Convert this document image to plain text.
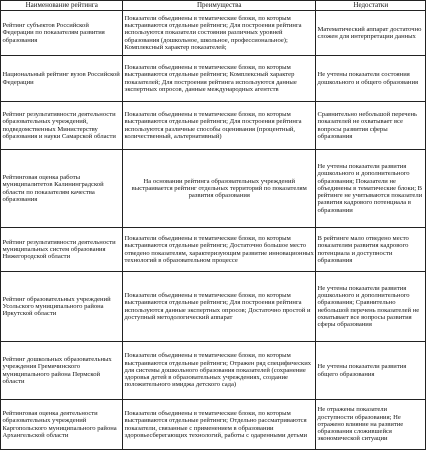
Наименование рейтинга	Преимущества	Недостатки
Рейтинг субъектов Российской Федерации по показателям развития образования	Показатели объединены в тематические блоки, по которым выстраиваются отдельные рейтинги; Для построения рейтинга используются показатели состояния различных уровней образования (дошкольное, школьное, профессиональное); Комплексный характер показателей;	Математический аппарат достаточно сложен для интерпретации данных
Национальный рейтинг вузов Российской Федерации	Показатели объединены в тематические блоки, по которым выстраиваются отдельные рейтинги; Комплексный характер показателей; Для построения рейтинга используются данные экспертных опросов, данные международных агентств	Не учтены показатели состояния дошкольного и общего образования
Рейтинг результативности деятельности образовательных учреждений, подведомственных Министерству образования и науки Самарской области	Показатели объединены в тематические блоки, по которым выстраиваются отдельные рейтинги; Для построения рейтинга используются различные способы оценивания (процентный, количественный, альтернативный)	Сравнительно небольшой перечень показателей не охватывает все вопросы развития сферы образования
Рейтинговая оценка работы муниципалитетов Калининградской области по показателям качества образования	На основании рейтинга образовательных учреждений выстраивается рейтинг отдельных территорий по показателям развития образования	Не учтены показатели развития дошкольного и дополнительного образования; Показатели не объединены в тематические блоки; В рейтинге не учитываются показатели развития кадрового потенциала в образовании
Рейтинг результативности деятельности муниципальных систем образования Нижегородской области	Показатели объединены в тематические блоки, по которым выстраиваются отдельные рейтинги; Достаточно большое место отведено показателям, характеризующим развитие инновационных технологий в образовательном процессе	В рейтинге мало отведено место показателям развития кадрового потенциала и доступности образования
Рейтинг образовательных учреждений Усольского муниципального района Иркутской области	Показатели объединены в тематические блоки, по которым выстраиваются отдельные рейтинги; Для построения рейтинга используются данные экспертных опросов; Достаточно простой и доступный методологический аппарат	Не учтены показатели развития дошкольного и дополнительного образования; Сравнительно небольшой перечень показателей не охватывает все вопросы развития сферы образования
Рейтинг дошкольных образовательных учреждения Гремячинского муниципального района Пермской области	Показатели объединены в тематические блоки, по которым выстраиваются отдельные рейтинги; Отражен ряд специфических для системы дошкольного образования показателей (сохранение здоровья детей в образовательных учреждениях, создание положительного имиджа детского сада)	Не учтены показатели развития общего образования
Рейтинговая оценка деятельности образовательных учреждений Каргопольского муниципального района Архангельской области	Показатели объединены в тематические блоки, по которым выстраиваются отдельные рейтинги; Отдельно рассматриваются показатели, связанные с применением в образовании здоровьесберегающих технологий, работы с одаренными детьми	Не отражены показатели доступности образования; Не отражено влияние на развитие образования сложившейся экономической ситуации
